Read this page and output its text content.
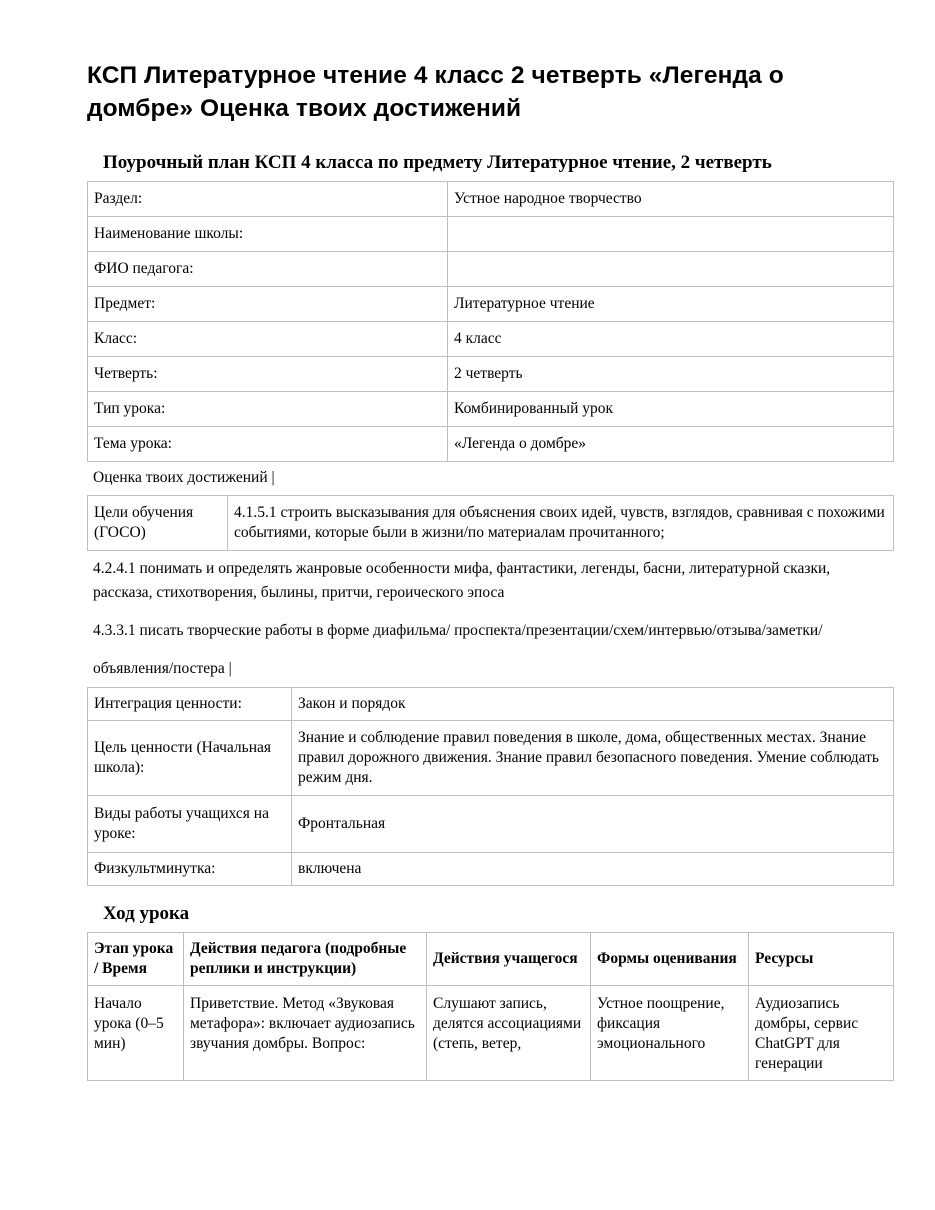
КСП Литературное чтение 4 класс 2 четверть «Легенда о домбре» Оценка твоих достижений
Поурочный план КСП 4 класса по предмету Литературное чтение, 2 четверть
Раздел:	Устное народное творчество
Наименование школы:	
ФИО педагога:	
Предмет:	Литературное чтение
Класс:	4 класс
Четверть:	2 четверть
Тип урока:	Комбинированный урок
Тема урока:	«Легенда о домбре»

Оценка твоих достижений |

Цели обучения (ГОСО)	4.1.5.1 строить высказывания для объяснения своих идей, чувств, взглядов, сравнивая с похожими событиями, которые были в жизни/по материалам прочитанного;

4.2.4.1 понимать и определять жанровые особенности мифа, фантастики, легенды, басни, литературной сказки, рассказа, стихотворения, былины, притчи, героического эпоса

4.3.3.1 писать творческие работы в форме диафильма/ проспекта/презентации/схем/интервью/отзыва/заметки/

объявления/постера |

Интеграция ценности:	Закон и порядок
Цель ценности (Начальная школа):	Знание и соблюдение правил поведения в школе, дома, общественных местах. Знание правил дорожного движения. Знание правил безопасного поведения. Умение соблюдать режим дня.
Виды работы учащихся на уроке:	Фронтальная
Физкультминутка:	включена
Ход урока
Этап урока / Время	Действия педагога (подробные реплики и инструкции)	Действия учащегося	Формы оценивания	Ресурсы
Начало урока (0–5 мин)	Приветствие. Метод «Звуковая метафора»: включает аудиозапись звучания домбры. Вопрос:	Слушают запись, делятся ассоциациями (степь, ветер,	Устное поощрение, фиксация эмоционального	Аудиозапись домбры, сервис ChatGPT для генерации
